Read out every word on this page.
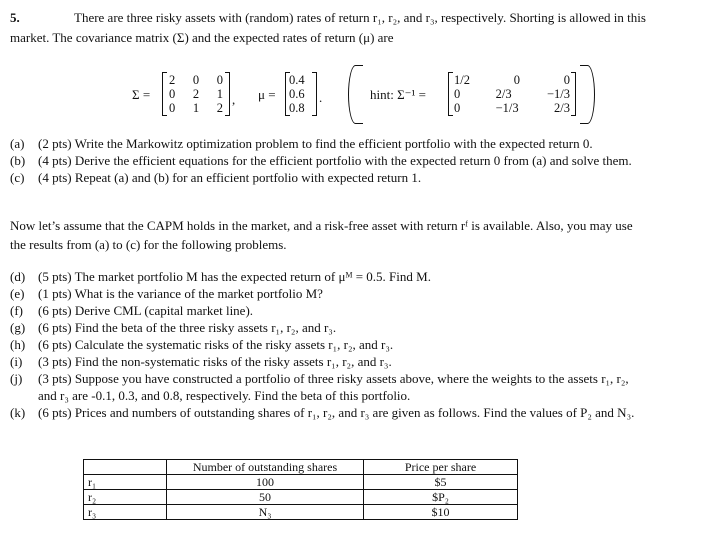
5.	There are three risky assets with (random) rates of return r₁, r₂, and r₃, respectively. Shorting is allowed in this
market. The covariance matrix (Σ) and the expected rates of return (μ) are
Σ =
2 0 0
0 2 1
0 1 2
, μ =
0.4
0.6
0.8
.	hint: Σ⁻¹ =
1/2	0	0
0	2/3	−1/3
0	−1/3	2/3
(a) (2 pts) Write the Markowitz optimization problem to find the efficient portfolio with the expected return 0.
(b) (4 pts) Derive the efficient equations for the efficient portfolio with the expected return 0 from (a) and solve them.
(c) (4 pts) Repeat (a) and (b) for an efficient portfolio with expected return 1.
Now let’s assume that the CAPM holds in the market, and a risk-free asset with return rᶠ is available. Also, you may use
the results from (a) to (c) for the following problems.
(d) (5 pts) The market portfolio M has the expected return of μᴹ = 0.5. Find M.
(e) (1 pts) What is the variance of the market portfolio M?
(f) (6 pts) Derive CML (capital market line).
(g) (6 pts) Find the beta of the three risky assets r₁, r₂, and r₃.
(h) (6 pts) Calculate the systematic risks of the risky assets r₁, r₂, and r₃.
(i) (3 pts) Find the non-systematic risks of the risky assets r₁, r₂, and r₃.
(j) (3 pts) Suppose you have constructed a portfolio of three risky assets above, where the weights to the assets r₁, r₂,
and r₃ are -0.1, 0.3, and 0.8, respectively. Find the beta of this portfolio.
(k) (6 pts) Prices and numbers of outstanding shares of r₁, r₂, and r₃ are given as follows. Find the values of P₂ and N₃.
	Number of outstanding shares	Price per share
r₁	100	$5
r₂	50	$P₂
r₃	N₃	$10
